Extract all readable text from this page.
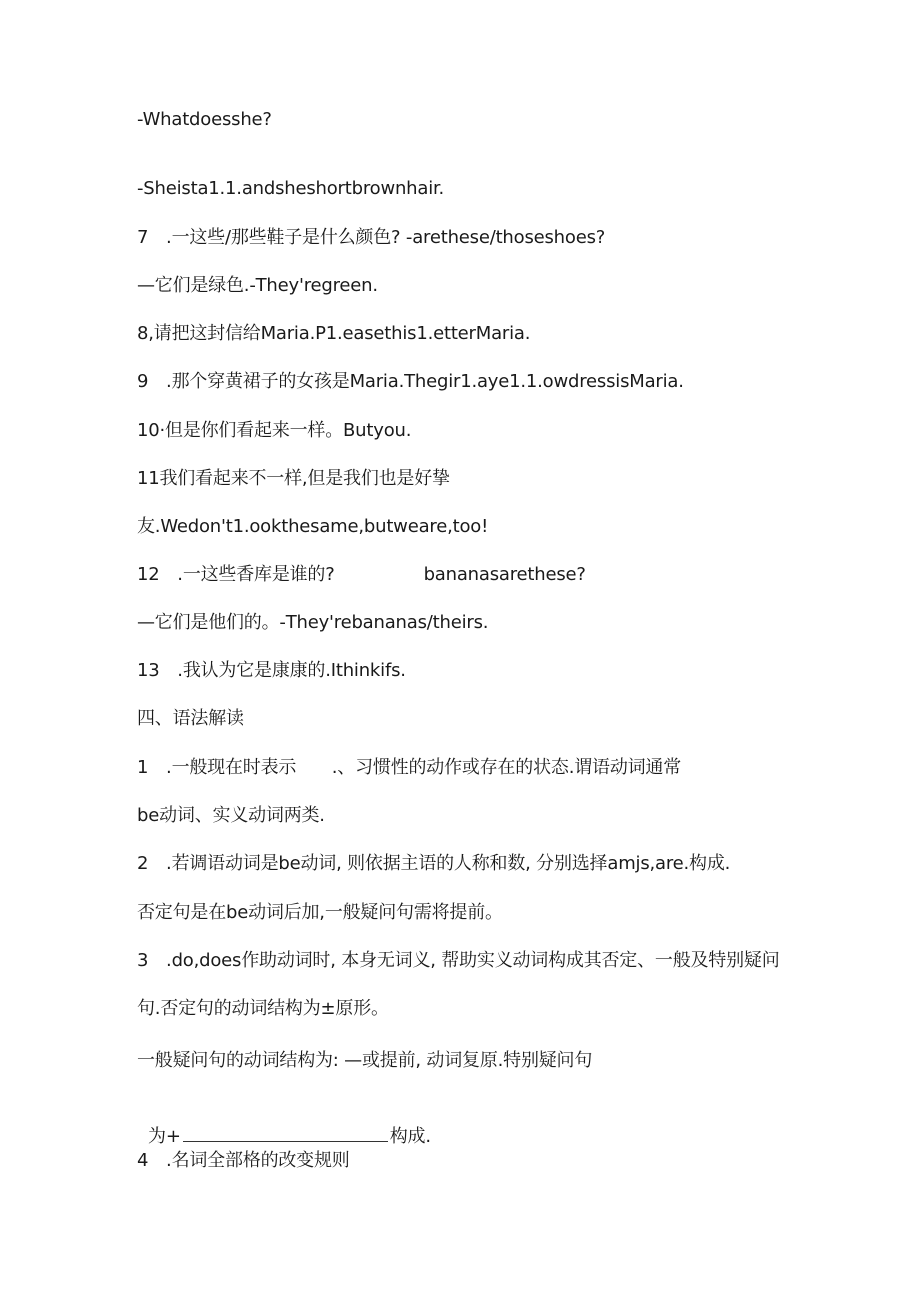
-Whatdoesshe?
-Sheista1.1.andsheshortbrownhair.
7　.一这些/那些鞋子是什么颜色? -arethese/thoseshoes?
—它们是绿色.-They'regreen.
8,请把这封信给Maria.P1.easethis1.etterMaria.
9　.那个穿黄裙子的女孩是Maria.Thegir1.aye1.1.owdressisMaria.
10·但是你们看起来一样。Butyou.
11我们看起来不一样,但是我们也是好挚
友.Wedon't1.ookthesame,butweare,too!
12　.一这些香库是谁的?　　　　　bananasarethese?
—它们是他们的。-They'rebananas/theirs.
13　.我认为它是康康的.Ithinkifs.
四、语法解读
1　.一般现在时表示　　.、习惯性的动作或存在的状态.谓语动词通常
be动词、实义动词两类.
2　.若调语动词是be动词, 则依据主语的人称和数, 分别选择amjs,are.构成.
否定句是在be动词后加,一般疑问句需将提前。
3　.do,does作助动词时, 本身无词义, 帮助实义动词构成其否定、一般及特别疑问
句.否定句的动词结构为±原形。
一般疑问句的动词结构为: —或提前, 动词复原.特别疑问句

为+	构成.

4　.名词全部格的改变规则
